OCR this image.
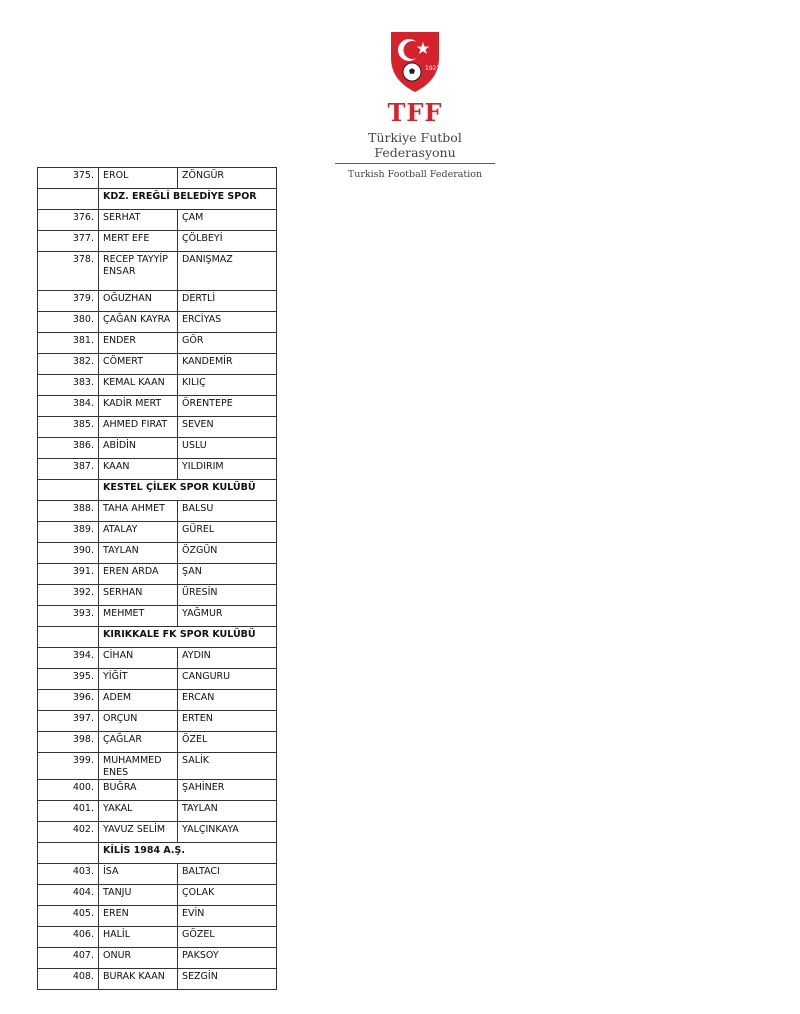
1923
TFF
Türkiye Futbol Federasyonu
Turkish Football Federation
375.	EROL	ZÖNGÜR
	KDZ. EREĞLİ BELEDİYE SPOR	
376.	SERHAT	ÇAM
377.	MERT EFE	ÇÖLBEYİ
378.	RECEP TAYYİP ENSAR	DANIŞMAZ
379.	OĞUZHAN	DERTLİ
380.	ÇAĞAN KAYRA	ERCİYAS
381.	ENDER	GÖR
382.	CÖMERT	KANDEMİR
383.	KEMAL KAAN	KILIÇ
384.	KADİR MERT	ÖRENTEPE
385.	AHMED FIRAT	SEVEN
386.	ABİDİN	USLU
387.	KAAN	YILDIRIM
	KESTEL ÇİLEK SPOR KULÜBÜ	
388.	TAHA AHMET	BALSU
389.	ATALAY	GÜREL
390.	TAYLAN	ÖZGÜN
391.	EREN ARDA	ŞAN
392.	SERHAN	ÜRESİN
393.	MEHMET	YAĞMUR
	KIRIKKALE FK SPOR KULÜBÜ	
394.	CİHAN	AYDIN
395.	YİĞİT	CANGURU
396.	ADEM	ERCAN
397.	ORÇUN	ERTEN
398.	ÇAĞLAR	ÖZEL
399.	MUHAMMED ENES	SALİK
400.	BUĞRA	ŞAHİNER
401.	YAKAL	TAYLAN
402.	YAVUZ SELİM	YALÇINKAYA
	KİLİS 1984 A.Ş.	
403.	İSA	BALTACI
404.	TANJU	ÇOLAK
405.	EREN	EVİN
406.	HALİL	GÖZEL
407.	ONUR	PAKSOY
408.	BURAK KAAN	SEZGİN
